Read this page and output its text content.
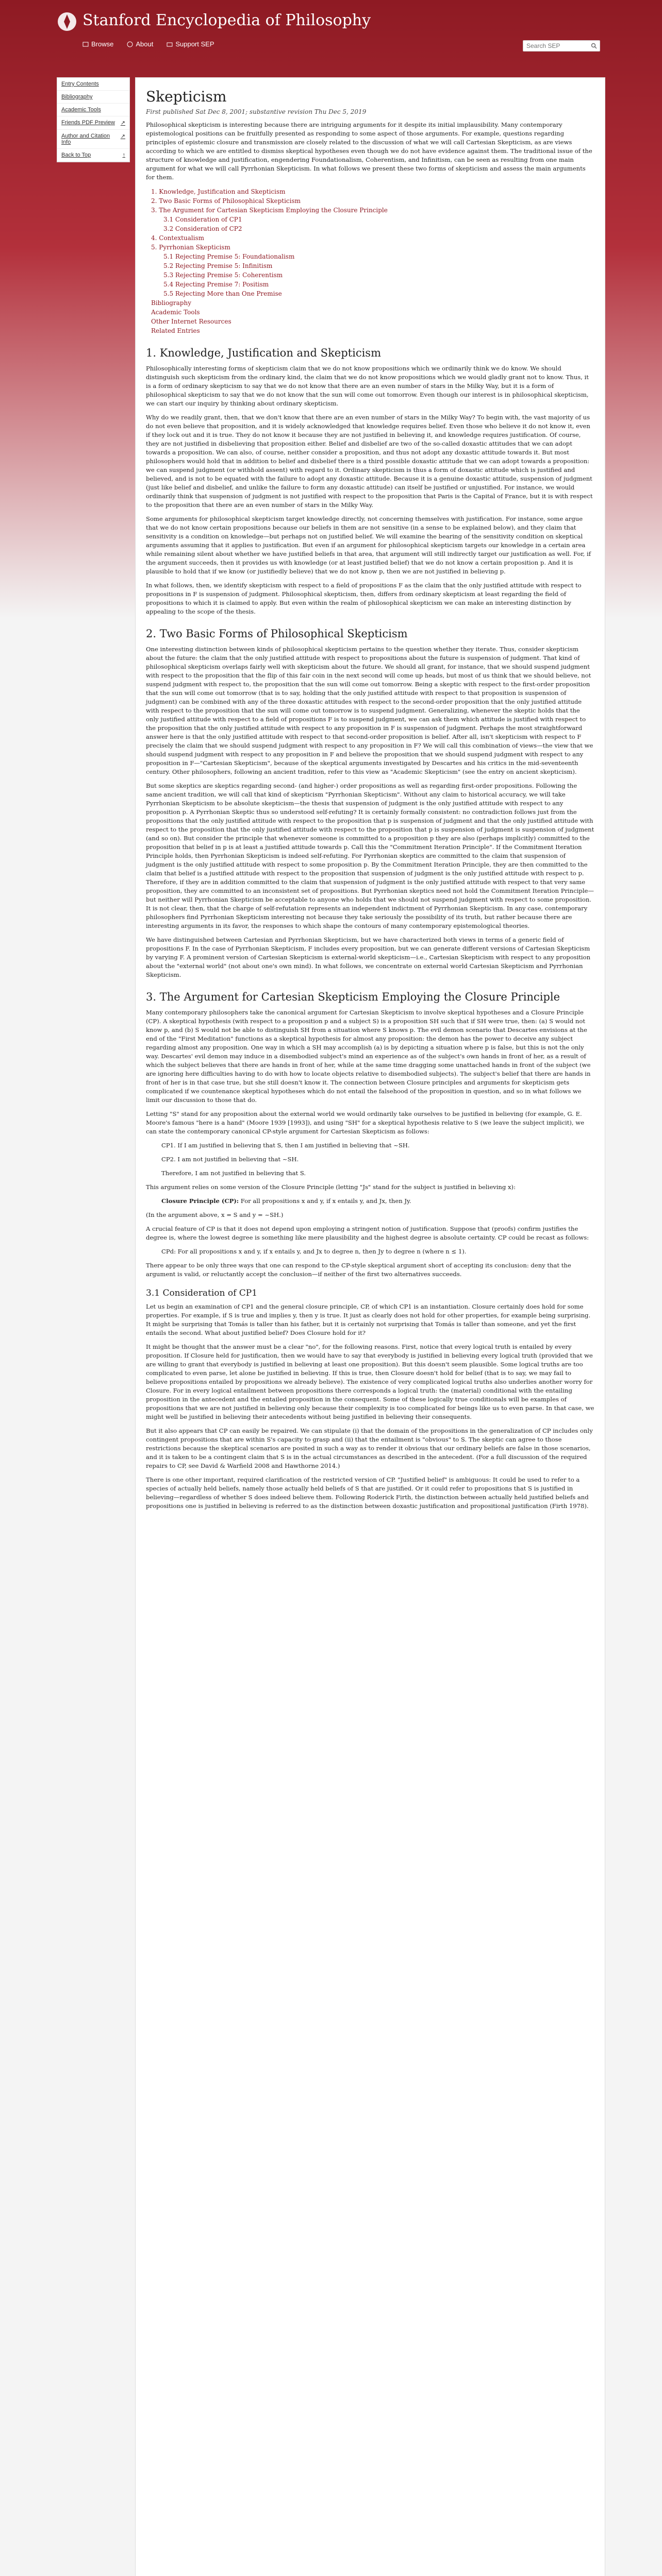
Stanford Encyclopedia of Philosophy
Browse	About	Support SEP
Search SEP
Entry Contents
Bibliography
Academic Tools
Friends PDF Preview ↗
Author and Citation Info
↗
Back to Top	↑
Skepticism
First published Sat Dec 8, 2001; substantive revision Thu Dec 5, 2019

Philosophical skepticism is interesting because there are intriguing arguments for it despite its initial implausibility. Many contemporary epistemological positions can be fruitfully presented as responding to some aspect of those arguments. For example, questions regarding principles of epistemic closure and transmission are closely related to the discussion of what we will call Cartesian Skepticism, as are views according to which we are entitled to dismiss skeptical hypotheses even though we do not have evidence against them. The traditional issue of the structure of knowledge and justification, engendering Foundationalism, Coherentism, and Infinitism, can be seen as resulting from one main argument for what we will call Pyrrhonian Skepticism. In what follows we present these two forms of skepticism and assess the main arguments for them.

1. Knowledge, Justification and Skepticism
2. Two Basic Forms of Philosophical Skepticism
3. The Argument for Cartesian Skepticism Employing the Closure Principle
3.1 Consideration of CP1
3.2 Consideration of CP2
4. Contextualism
5. Pyrrhonian Skepticism
5.1 Rejecting Premise 5: Foundationalism
5.2 Rejecting Premise 5: Infinitism
5.3 Rejecting Premise 5: Coherentism
5.4 Rejecting Premise 7: Positism
5.5 Rejecting More than One Premise
Bibliography
Academic Tools
Other Internet Resources
Related Entries
1. Knowledge, Justification and Skepticism

Philosophically interesting forms of skepticism claim that we do not know propositions which we ordinarily think we do know. We should distinguish such skepticism from the ordinary kind, the claim that we do not know propositions which we would gladly grant not to know. Thus, it is a form of ordinary skepticism to say that we do not know that there are an even number of stars in the Milky Way, but it is a form of philosophical skepticism to say that we do not know that the sun will come out tomorrow. Even though our interest is in philosophical skepticism, we can start our inquiry by thinking about ordinary skepticism.

Why do we readily grant, then, that we don't know that there are an even number of stars in the Milky Way? To begin with, the vast majority of us do not even believe that proposition, and it is widely acknowledged that knowledge requires belief. Even those who believe it do not know it, even if they lock out and it is true. They do not know it because they are not justified in believing it, and knowledge requires justification. Of course, they are not justified in disbelieving that proposition either. Belief and disbelief are two of the so-called doxastic attitudes that we can adopt towards a proposition. We can also, of course, neither consider a proposition, and thus not adopt any doxastic attitude towards it. But most philosophers would hold that in addition to belief and disbelief there is a third possible doxastic attitude that we can adopt towards a proposition: we can suspend judgment (or withhold assent) with regard to it. Ordinary skepticism is thus a form of doxastic attitude which is justified and believed, and is not to be equated with the failure to adopt any doxastic attitude. Because it is a genuine doxastic attitude, suspension of judgment (just like belief and disbelief, and unlike the failure to form any doxastic attitude) can itself be justified or unjustified. For instance, we would ordinarily think that suspension of judgment is not justified with respect to the proposition that Paris is the Capital of France, but it is with respect to the proposition that there are an even number of stars in the Milky Way.

Some arguments for philosophical skepticism target knowledge directly, not concerning themselves with justification. For instance, some argue that we do not know certain propositions because our beliefs in them are not sensitive (in a sense to be explained below), and they claim that sensitivity is a condition on knowledge—but perhaps not on justified belief. We will examine the bearing of the sensitivity condition on skeptical arguments assuming that it applies to justification. But even if an argument for philosophical skepticism targets our knowledge in a certain area while remaining silent about whether we have justified beliefs in that area, that argument will still indirectly target our justification as well. For, if the argument succeeds, then it provides us with knowledge (or at least justified belief) that we do not know a certain proposition p. And it is plausible to hold that if we know (or justifiedly believe) that we do not know p, then we are not justified in believing p.

In what follows, then, we identify skepticism with respect to a field of propositions F as the claim that the only justified attitude with respect to propositions in F is suspension of judgment. Philosophical skepticism, then, differs from ordinary skepticism at least regarding the field of propositions to which it is claimed to apply. But even within the realm of philosophical skepticism we can make an interesting distinction by appealing to the scope of the thesis.

2. Two Basic Forms of Philosophical Skepticism

One interesting distinction between kinds of philosophical skepticism pertains to the question whether they iterate. Thus, consider skepticism about the future: the claim that the only justified attitude with respect to propositions about the future is suspension of judgment. That kind of philosophical skepticism overlaps fairly well with skepticism about the future. We should all grant, for instance, that we should suspend judgment with respect to the proposition that the flip of this fair coin in the next second will come up heads, but most of us think that we should believe, not suspend judgment with respect to, the proposition that the sun will come out tomorrow. Being a skeptic with respect to the first-order proposition that the sun will come out tomorrow (that is to say, holding that the only justified attitude with respect to that proposition is suspension of judgment) can be combined with any of the three doxastic attitudes with respect to the second-order proposition that the only justified attitude with respect to the proposition that the sun will come out tomorrow is to suspend judgment. Generalizing, whenever the skeptic holds that the only justified attitude with respect to a field of propositions F is to suspend judgment, we can ask them which attitude is justified with respect to the proposition that the only justified attitude with respect to any proposition in F is suspension of judgment. Perhaps the most straightforward answer here is that the only justified attitude with respect to that second-order proposition is belief. After all, isn't skepticism with respect to F precisely the claim that we should suspend judgment with respect to any proposition in F? We will call this combination of views—the view that we should suspend judgment with respect to any proposition in F and believe the proposition that we should suspend judgment with respect to any proposition in F—"Cartesian Skepticism", because of the skeptical arguments investigated by Descartes and his critics in the mid-seventeenth century. Other philosophers, following an ancient tradition, refer to this view as "Academic Skepticism" (see the entry on ancient skepticism).

But some skeptics are skeptics regarding second- (and higher-) order propositions as well as regarding first-order propositions. Following the same ancient tradition, we will call that kind of skepticism "Pyrrhonian Skepticism". Without any claim to historical accuracy, we will take Pyrrhonian Skepticism to be absolute skepticism—the thesis that suspension of judgment is the only justified attitude with respect to any proposition p. A Pyrrhonian Skeptic thus so understood self-refuting? It is certainly formally consistent: no contradiction follows just from the propositions that the only justified attitude with respect to the proposition that p is suspension of judgment and that the only justified attitude with respect to the proposition that the only justified attitude with respect to the proposition that p is suspension of judgment is suspension of judgment (and so on). But consider the principle that whenever someone is committed to a proposition p they are also (perhaps implicitly) committed to the proposition that belief in p is at least a justified attitude towards p. Call this the "Commitment Iteration Principle". If the Commitment Iteration Principle holds, then Pyrrhonian Skepticism is indeed self-refuting. For Pyrrhonian skeptics are committed to the claim that suspension of judgment is the only justified attitude with respect to some proposition p. By the Commitment Iteration Principle, they are then committed to the claim that belief is a justified attitude with respect to the proposition that suspension of judgment is the only justified attitude with respect to p. Therefore, if they are in addition committed to the claim that suspension of judgment is the only justified attitude with respect to that very same proposition, they are committed to an inconsistent set of propositions. But Pyrrhonian skeptics need not hold the Commitment Iteration Principle—but neither will Pyrrhonian Skepticism be acceptable to anyone who holds that we should not suspend judgment with respect to some proposition. It is not clear, then, that the charge of self-refutation represents an independent indictment of Pyrrhonian Skepticism. In any case, contemporary philosophers find Pyrrhonian Skepticism interesting not because they take seriously the possibility of its truth, but rather because there are interesting arguments in its favor, the responses to which shape the contours of many contemporary epistemological theories.

We have distinguished between Cartesian and Pyrrhonian Skepticism, but we have characterized both views in terms of a generic field of propositions F. In the case of Pyrrhonian Skepticism, F includes every proposition, but we can generate different versions of Cartesian Skepticism by varying F. A prominent version of Cartesian Skepticism is external-world skepticism—i.e., Cartesian Skepticism with respect to any proposition about the "external world" (not about one's own mind). In what follows, we concentrate on external world Cartesian Skepticism and Pyrrhonian Skepticism.

3. The Argument for Cartesian Skepticism Employing the Closure Principle

Many contemporary philosophers take the canonical argument for Cartesian Skepticism to involve skeptical hypotheses and a Closure Principle (CP). A skeptical hypothesis (with respect to a proposition p and a subject S) is a proposition SH such that if SH were true, then: (a) S would not know p, and (b) S would not be able to distinguish SH from a situation where S knows p. The evil demon scenario that Descartes envisions at the end of the "First Meditation" functions as a skeptical hypothesis for almost any proposition: the demon has the power to deceive any subject regarding almost any proposition. One way in which a SH may accomplish (a) is by depicting a situation where p is false, but this is not the only way. Descartes' evil demon may induce in a disembodied subject's mind an experience as of the subject's own hands in front of her, as a result of which the subject believes that there are hands in front of her, while at the same time dragging some unattached hands in front of the subject (we are ignoring here difficulties having to do with how to locate objects relative to disembodied subjects). The subject's belief that there are hands in front of her is in that case true, but she still doesn't know it. The connection between Closure principles and arguments for skepticism gets complicated if we countenance skeptical hypotheses which do not entail the falsehood of the proposition in question, and so in what follows we limit our discussion to those that do.

Letting "S" stand for any proposition about the external world we would ordinarily take ourselves to be justified in believing (for example, G. E. Moore's famous "here is a hand" (Moore 1939 [1993]), and using "SH" for a skeptical hypothesis relative to S (we leave the subject implicit), we can state the contemporary canonical CP-style argument for Cartesian Skepticism as follows:

CP1. If I am justified in believing that S, then I am justified in believing that ~SH.
CP2. I am not justified in believing that ~SH.
Therefore, I am not justified in believing that S.

This argument relies on some version of the Closure Principle (letting "Js" stand for the subject is justified in believing x):

Closure Principle (CP): For all propositions x and y, if x entails y, and Jx, then Jy.

(In the argument above, x = S and y = ~SH.)

A crucial feature of CP is that it does not depend upon employing a stringent notion of justification. Suppose that (proofs) confirm justifies the degree is, where the lowest degree is something like mere plausibility and the highest degree is absolute certainty. CP could be recast as follows:

CPd: For all propositions x and y, if x entails y, and Jx to degree n, then Jy to degree n (where n ≤ 1).

There appear to be only three ways that one can respond to the CP-style skeptical argument short of accepting its conclusion: deny that the argument is valid, or reluctantly accept the conclusion—if neither of the first two alternatives succeeds.

3.1 Consideration of CP1

Let us begin an examination of CP1 and the general closure principle, CP, of which CP1 is an instantiation. Closure certainly does hold for some properties. For example, if S is true and implies y, then y is true. It just as clearly does not hold for other properties, for example being surprising. It might be surprising that Tomás is taller than his father, but it is certainly not surprising that Tomás is taller than someone, and yet the first entails the second. What about justified belief? Does Closure hold for it?

It might be thought that the answer must be a clear "no", for the following reasons. First, notice that every logical truth is entailed by every proposition. If Closure held for justification, then we would have to say that everybody is justified in believing every logical truth (provided that we are willing to grant that everybody is justified in believing at least one proposition). But this doesn't seem plausible. Some logical truths are too complicated to even parse, let alone be justified in believing. If this is true, then Closure doesn't hold for belief (that is to say, we may fail to believe propositions entailed by propositions we already believe). The existence of very complicated logical truths also underlies another worry for Closure. For in every logical entailment between propositions there corresponds a logical truth: the (material) conditional with the entailing proposition in the antecedent and the entailed proposition in the consequent. Some of these logically true conditionals will be examples of propositions that we are not justified in believing only because their complexity is too complicated for beings like us to even parse. In that case, we might well be justified in believing their antecedents without being justified in believing their consequents.

But it also appears that CP can easily be repaired. We can stipulate (i) that the domain of the propositions in the generalization of CP includes only contingent propositions that are within S's capacity to grasp and (ii) that the entailment is "obvious" to S. The skeptic can agree to those restrictions because the skeptical scenarios are posited in such a way as to render it obvious that our ordinary beliefs are false in those scenarios, and it is taken to be a contingent claim that S is in the actual circumstances as described in the antecedent. (For a full discussion of the required repairs to CP, see David & Warfield 2008 and Hawthorne 2014.)

There is one other important, required clarification of the restricted version of CP. "Justified belief" is ambiguous: It could be used to refer to a species of actually held beliefs, namely those actually held beliefs of S that are justified. Or it could refer to propositions that S is justified in believing—regardless of whether S does indeed believe them. Following Roderick Firth, the distinction between actually held justified beliefs and propositions one is justified in believing is referred to as the distinction between doxastic justification and propositional justification (Firth 1978).
